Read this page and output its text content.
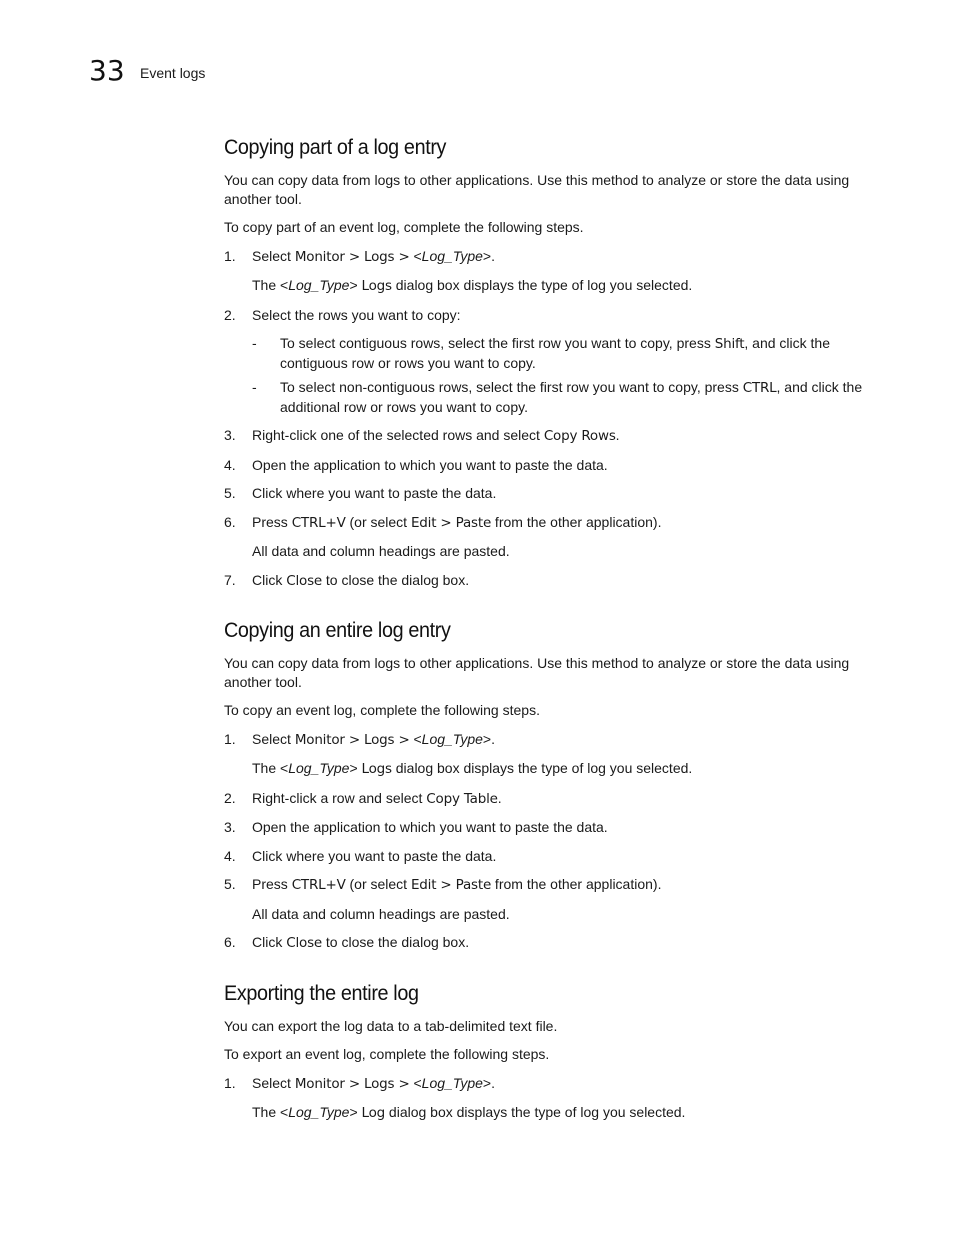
33 Event logs
Copying part of a log entry

You can copy data from logs to other applications. Use this method to analyze or store the data using another tool.

To copy part of an event log, complete the following steps.

1. Select Monitor > Logs > <Log_Type>.
The <Log_Type> Logs dialog box displays the type of log you selected.
2. Select the rows you want to copy:
- To select contiguous rows, select the first row you want to copy, press Shift, and click the contiguous row or rows you want to copy.
- To select non-contiguous rows, select the first row you want to copy, press CTRL, and click the additional row or rows you want to copy.
3. Right-click one of the selected rows and select Copy Rows.
4. Open the application to which you want to paste the data.
5. Click where you want to paste the data.
6. Press CTRL+V (or select Edit > Paste from the other application).
All data and column headings are pasted.
7. Click Close to close the dialog box.
Copying an entire log entry

You can copy data from logs to other applications. Use this method to analyze or store the data using another tool.

To copy an event log, complete the following steps.

1. Select Monitor > Logs > <Log_Type>.
The <Log_Type> Logs dialog box displays the type of log you selected.
2. Right-click a row and select Copy Table.
3. Open the application to which you want to paste the data.
4. Click where you want to paste the data.
5. Press CTRL+V (or select Edit > Paste from the other application).
All data and column headings are pasted.
6. Click Close to close the dialog box.
Exporting the entire log

You can export the log data to a tab-delimited text file.

To export an event log, complete the following steps.

1. Select Monitor > Logs > <Log_Type>.
The <Log_Type> Log dialog box displays the type of log you selected.
